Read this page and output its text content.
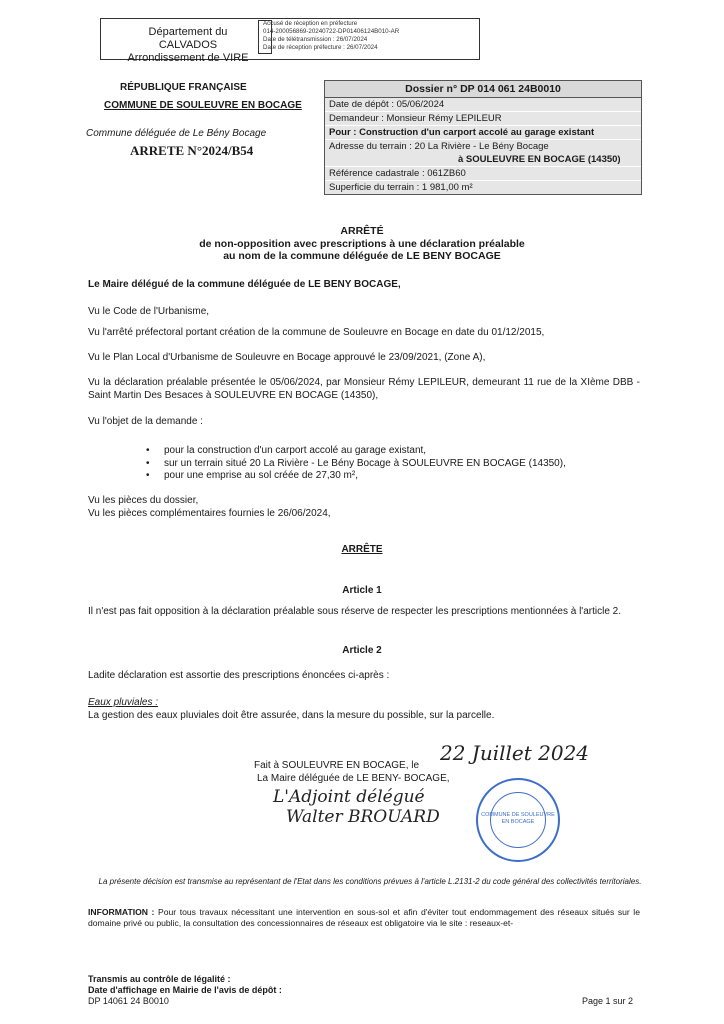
Département du CALVADOS
Arrondissement de VIRE
Accusé de réception en préfecture
014-200056869-20240722-DP01406124B010-AR
Date de télétransmission : 26/07/2024
Date de réception préfecture : 26/07/2024
RÉPUBLIQUE FRANÇAISE
COMMUNE DE SOULEUVRE EN BOCAGE
Commune déléguée de Le Bény Bocage
ARRETE N°2024/B54
Dossier n° DP 014 061 24B0010
Date de dépôt : 05/06/2024
Demandeur : Monsieur Rémy LEPILEUR
Pour : Construction d'un carport accolé au garage existant
Adresse du terrain : 20 La Rivière - Le Bény Bocage
à SOULEUVRE EN BOCAGE (14350)
Référence cadastrale : 061ZB60
Superficie du terrain : 1 981,00 m²
ARRÊTÉ
de non-opposition avec prescriptions à une déclaration préalable
au nom de la commune déléguée de LE BENY BOCAGE
Le Maire délégué de la commune déléguée de LE BENY BOCAGE,
Vu le Code de l'Urbanisme,
Vu l'arrêté préfectoral portant création de la commune de Souleuvre en Bocage en date du 01/12/2015,
Vu le Plan Local d'Urbanisme de Souleuvre en Bocage approuvé le 23/09/2021, (Zone A),
Vu la déclaration préalable présentée le 05/06/2024, par Monsieur Rémy LEPILEUR, demeurant 11 rue de la XIème DBB - Saint Martin Des Besaces à SOULEUVRE EN BOCAGE (14350),
Vu l'objet de la demande :
• pour la construction d'un carport accolé au garage existant,
• sur un terrain situé 20 La Rivière - Le Bény Bocage à SOULEUVRE EN BOCAGE (14350),
• pour une emprise au sol créée de 27,30 m²,
Vu les pièces du dossier,
Vu les pièces complémentaires fournies le 26/06/2024,
ARRÊTE
Article 1
Il n'est pas fait opposition à la déclaration préalable sous réserve de respecter les prescriptions mentionnées à l'article 2.
Article 2
Ladite déclaration est assortie des prescriptions énoncées ci-après :
Eaux pluviales :
La gestion des eaux pluviales doit être assurée, dans la mesure du possible, sur la parcelle.
Fait à SOULEUVRE EN BOCAGE, le
22 Juillet 2024
La Maire déléguée de LE BENY- BOCAGE,
L'Adjoint délégué
Walter BROUARD	COMMUNE DE SOULEUVRE EN BOCAGE
La présente décision est transmise au représentant de l'Etat dans les conditions prévues à l'article L.2131-2 du code général des collectivités territoriales.
INFORMATION : Pour tous travaux nécessitant une intervention en sous-sol et afin d'éviter tout endommagement des réseaux situés sur le domaine privé ou public, la consultation des concessionnaires de réseaux est obligatoire via le site : reseaux-et-
Transmis au contrôle de légalité :
Date d'affichage en Mairie de l'avis de dépôt :
DP 14061 24 B0010	Page 1 sur 2
